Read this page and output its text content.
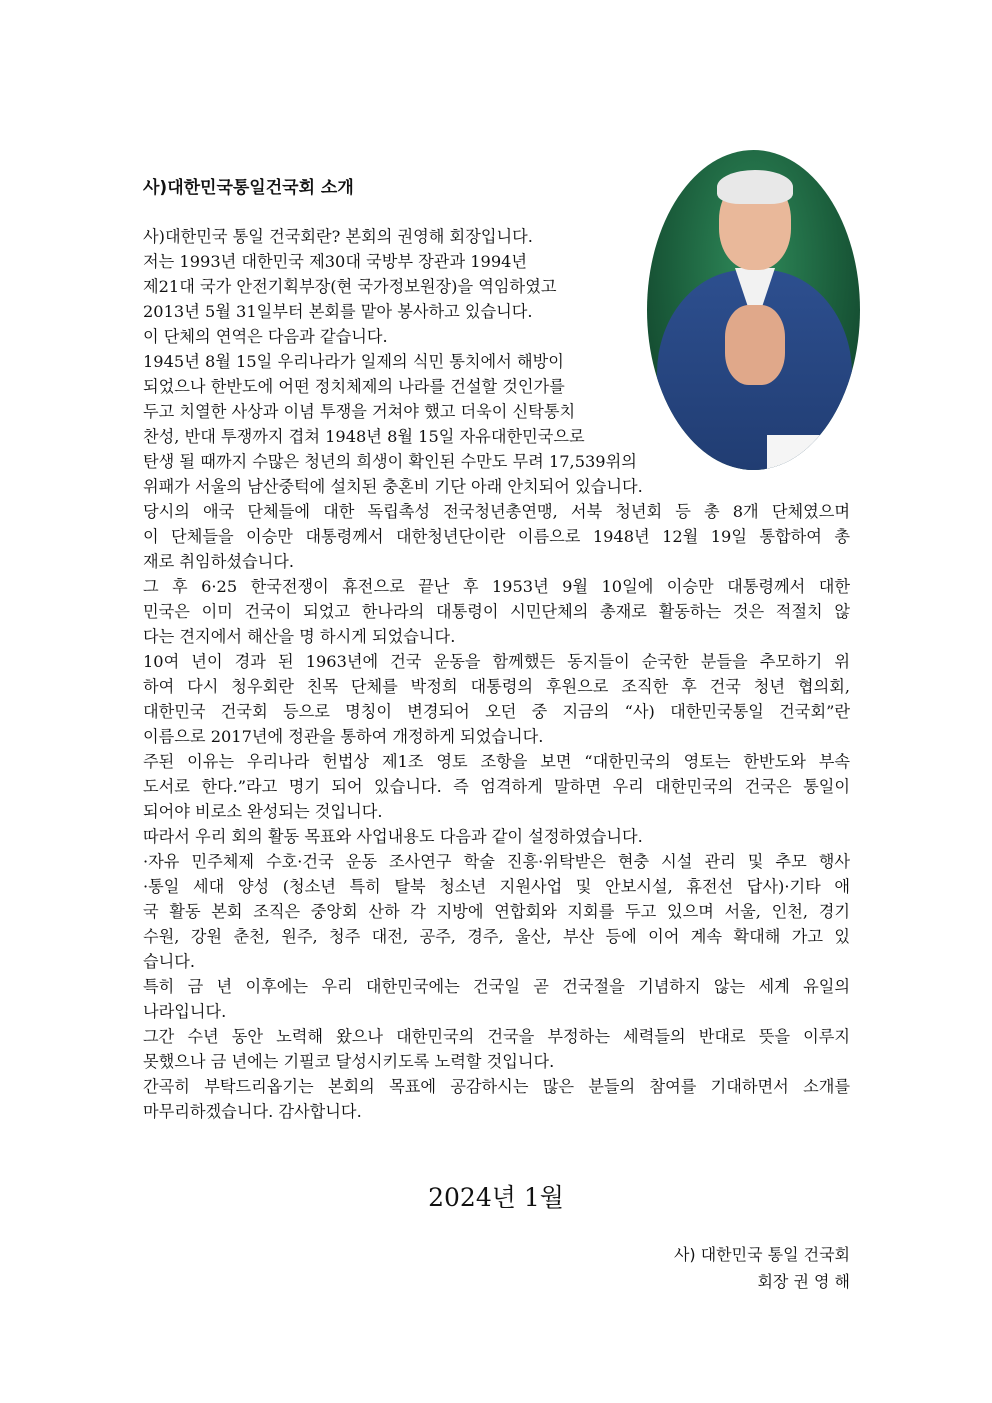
사)대한민국통일건국회 소개
사)대한민국 통일 건국회란? 본회의 권영해 회장입니다.
저는 1993년 대한민국 제30대 국방부 장관과 1994년
제21대 국가 안전기획부장(현 국가정보원장)을 역임하였고
2013년 5월 31일부터 본회를 맡아 봉사하고 있습니다.
이 단체의 연역은 다음과 같습니다.
1945년 8월 15일 우리나라가 일제의 식민 통치에서 해방이
되었으나 한반도에 어떤 정치체제의 나라를 건설할 것인가를
두고 치열한 사상과 이념 투쟁을 거쳐야 했고 더욱이 신탁통치
찬성, 반대 투쟁까지 겹쳐 1948년 8월 15일 자유대한민국으로
탄생 될 때까지 수많은 청년의 희생이 확인된 수만도 무려 17,539위의
위패가 서울의 남산중턱에 설치된 충혼비 기단 아래 안치되어 있습니다.
당시의 애국 단체들에 대한 독립촉성 전국청년총연맹, 서북 청년회 등 총 8개 단체였으며
이 단체들을 이승만 대통령께서 대한청년단이란 이름으로 1948년 12월 19일 통합하여 총
재로 취임하셨습니다.
그 후 6·25 한국전쟁이 휴전으로 끝난 후 1953년 9월 10일에 이승만 대통령께서 대한
민국은 이미 건국이 되었고 한나라의 대통령이 시민단체의 총재로 활동하는 것은 적절치 않
다는 견지에서 해산을 명 하시게 되었습니다.
10여 년이 경과 된 1963년에 건국 운동을 함께했든 동지들이 순국한 분들을 추모하기 위
하여 다시 청우회란 친목 단체를 박정희 대통령의 후원으로 조직한 후 건국 청년 협의회,
대한민국 건국회 등으로 명칭이 변경되어 오던 중 지금의 “사) 대한민국통일 건국회”란
이름으로 2017년에 정관을 통하여 개정하게 되었습니다.
주된 이유는 우리나라 헌법상 제1조 영토 조항을 보면 “대한민국의 영토는 한반도와 부속
도서로 한다.”라고 명기 되어 있습니다. 즉 엄격하게 말하면 우리 대한민국의 건국은 통일이
되어야 비로소 완성되는 것입니다.
따라서 우리 회의 활동 목표와 사업내용도 다음과 같이 설정하였습니다.
·자유 민주체제 수호·건국 운동 조사연구 학술 진흥·위탁받은 현충 시설 관리 및 추모 행사
·통일 세대 양성 (청소년 특히 탈북 청소년 지원사업 및 안보시설, 휴전선 답사)·기타 애
국 활동 본회 조직은 중앙회 산하 각 지방에 연합회와 지회를 두고 있으며 서울, 인천, 경기
수원, 강원 춘천, 원주, 청주 대전, 공주, 경주, 울산, 부산 등에 이어 계속 확대해 가고 있
습니다.
특히 금 년 이후에는 우리 대한민국에는 건국일 곧 건국절을 기념하지 않는 세계 유일의
나라입니다.
그간 수년 동안 노력해 왔으나 대한민국의 건국을 부정하는 세력들의 반대로 뜻을 이루지
못했으나 금 년에는 기필코 달성시키도록 노력할 것입니다.
간곡히 부탁드리옵기는 본회의 목표에 공감하시는 많은 분들의 참여를 기대하면서 소개를
마무리하겠습니다. 감사합니다.
2024년 1월
사) 대한민국 통일 건국회
회장 권 영 해
